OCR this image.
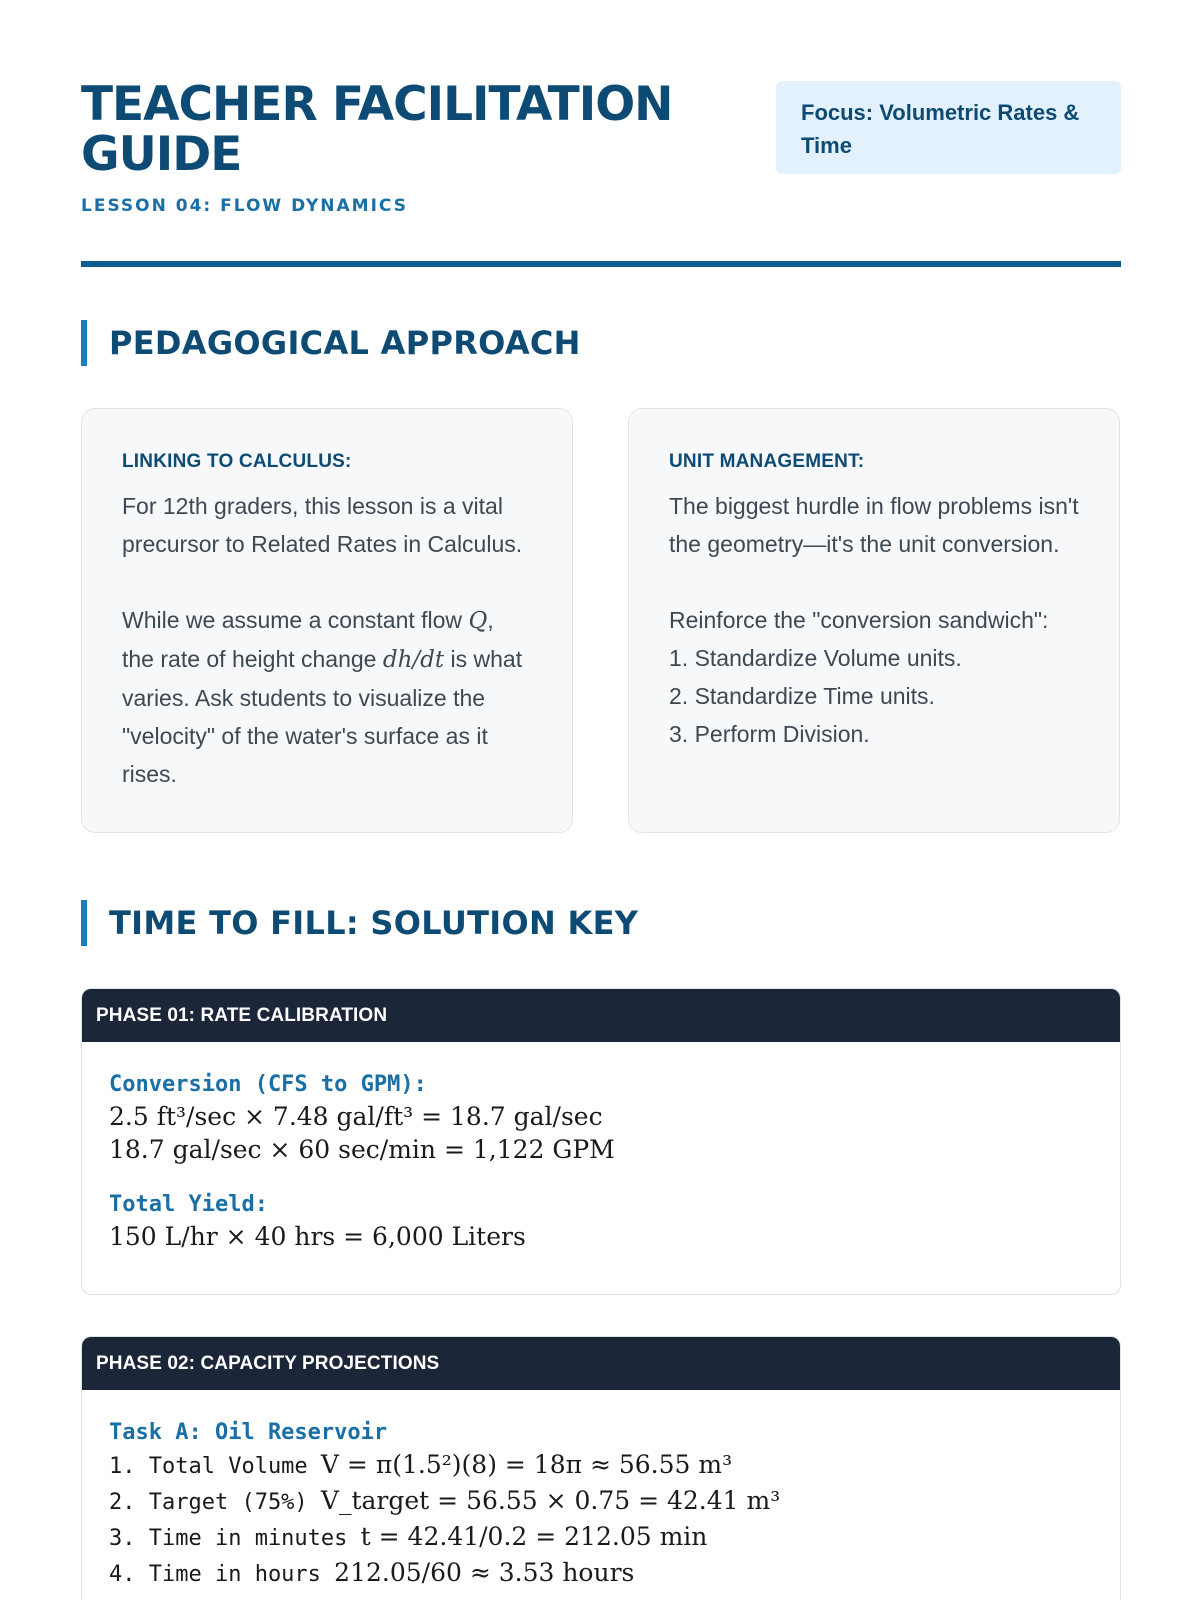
TEACHER FACILITATION GUIDE
LESSON 04: FLOW DYNAMICS
Focus: Volumetric Rates & Time
PEDAGOGICAL APPROACH
LINKING TO CALCULUS:
For 12th graders, this lesson is a vital precursor to Related Rates in Calculus.
While we assume a constant flow Q, the rate of height change dh/dt is what varies. Ask students to visualize the "velocity" of the water's surface as it rises.
UNIT MANAGEMENT:
The biggest hurdle in flow problems isn't the geometry—it's the unit conversion.
Reinforce the "conversion sandwich":
1. Standardize Volume units.
2. Standardize Time units.
3. Perform Division.
TIME TO FILL: SOLUTION KEY
PHASE 01: RATE CALIBRATION
Conversion (CFS to GPM):
2.5 ft³/sec × 7.48 gal/ft³ = 18.7 gal/sec
18.7 gal/sec × 60 sec/min = 1,122 GPM
Total Yield:
150 L/hr × 40 hrs = 6,000 Liters
PHASE 02: CAPACITY PROJECTIONS
Task A: Oil Reservoir
1. Total Volume V = π(1.5²)(8) = 18π ≈ 56.55 m³
2. Target (75%) V_target = 56.55 × 0.75 = 42.41 m³
3. Time in minutes t = 42.41/0.2 = 212.05 min
4. Time in hours 212.05/60 ≈ 3.53 hours
